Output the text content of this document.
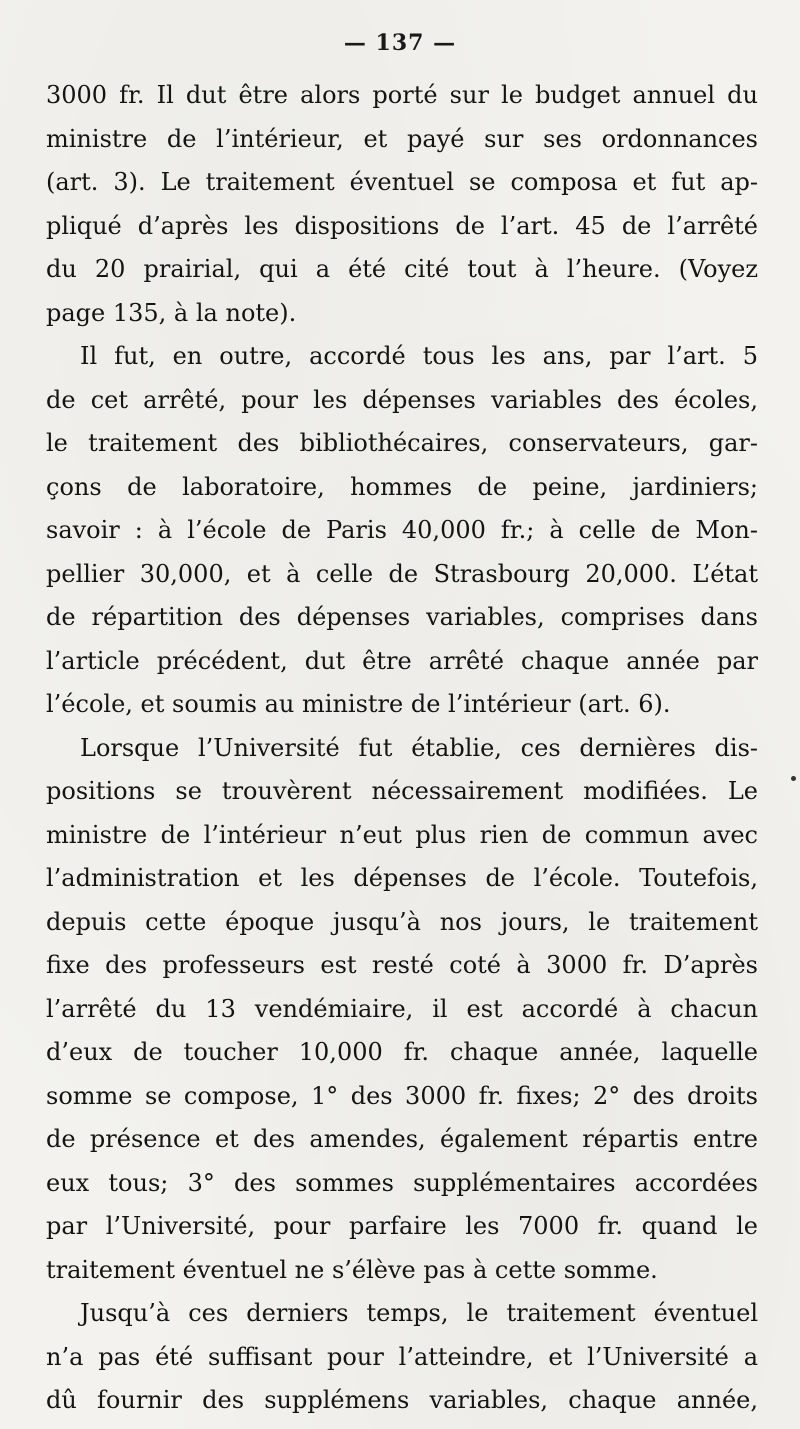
— 137 —
3000 fr. Il dut être alors porté sur le budget annuel du
ministre de l’intérieur, et payé sur ses ordonnances
(art. 3). Le traitement éventuel se composa et fut ap-
pliqué d’après les dispositions de l’art. 45 de l’arrêté
du 20 prairial, qui a été cité tout à l’heure. (Voyez
page 135, à la note).
Il fut, en outre, accordé tous les ans, par l’art. 5
de cet arrêté, pour les dépenses variables des écoles,
le traitement des bibliothécaires, conservateurs, gar-
çons de laboratoire, hommes de peine, jardiniers;
savoir : à l’école de Paris 40,000 fr.; à celle de Mon-
pellier 30,000, et à celle de Strasbourg 20,000. L’état
de répartition des dépenses variables, comprises dans
l’article précédent, dut être arrêté chaque année par
l’école, et soumis au ministre de l’intérieur (art. 6).
Lorsque l’Université fut établie, ces dernières dis-
positions se trouvèrent nécessairement modifiées. Le
ministre de l’intérieur n’eut plus rien de commun avec
l’administration et les dépenses de l’école. Toutefois,
depuis cette époque jusqu’à nos jours, le traitement
fixe des professeurs est resté coté à 3000 fr. D’après
l’arrêté du 13 vendémiaire, il est accordé à chacun
d’eux de toucher 10,000 fr. chaque année, laquelle
somme se compose, 1° des 3000 fr. fixes; 2° des droits
de présence et des amendes, également répartis entre
eux tous; 3° des sommes supplémentaires accordées
par l’Université, pour parfaire les 7000 fr. quand le
traitement éventuel ne s’élève pas à cette somme.
Jusqu’à ces derniers temps, le traitement éventuel
n’a pas été suffisant pour l’atteindre, et l’Université a
dû fournir des supplémens variables, chaque année,
